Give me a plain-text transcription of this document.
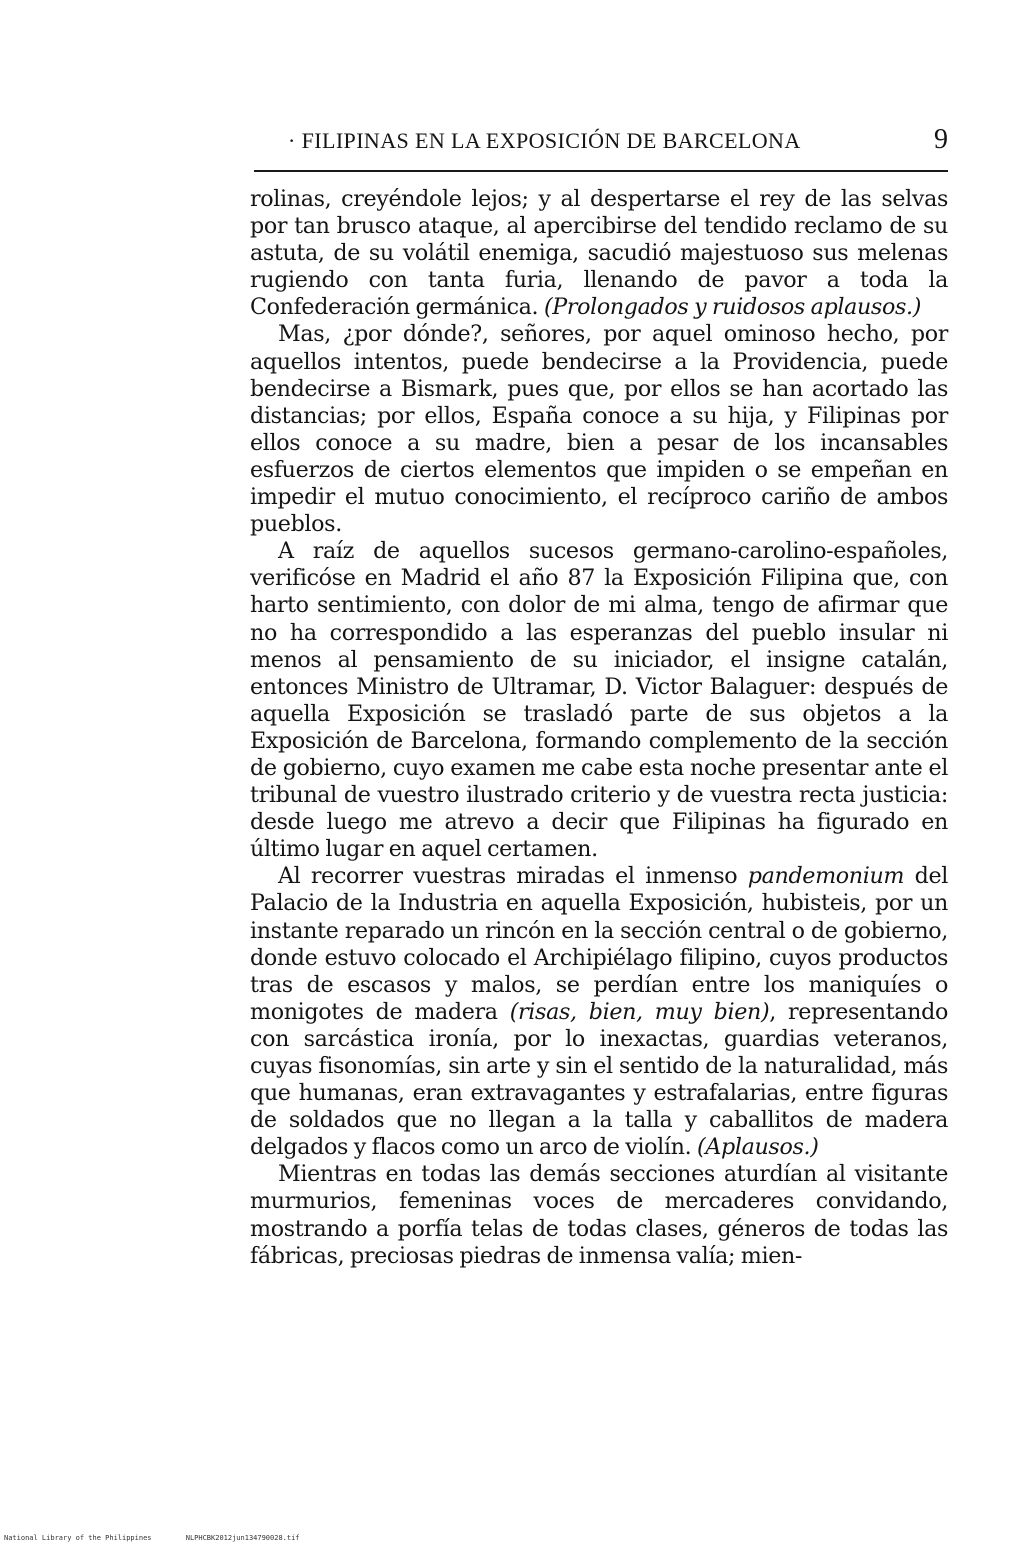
· FILIPINAS EN LA EXPOSICIÓN DE BARCELONA	9

rolinas, creyéndole lejos; y al despertarse el rey de las selvas por tan brusco ataque, al apercibirse del tendido reclamo de su astuta, de su volátil enemiga, sacudió majestuoso sus melenas rugiendo con tanta furia, llenando de pavor a toda la Confederación germánica. (Prolongados y ruidosos aplausos.)

Mas, ¿por dónde?, señores, por aquel ominoso hecho, por aquellos intentos, puede bendecirse a la Providencia, puede bendecirse a Bismark, pues que, por ellos se han acortado las distancias; por ellos, España conoce a su hija, y Filipinas por ellos conoce a su madre, bien a pesar de los incansables esfuerzos de ciertos elementos que impiden o se empeñan en impedir el mutuo conocimiento, el recíproco cariño de ambos pueblos.

A raíz de aquellos sucesos germano-carolino-españoles, verificóse en Madrid el año 87 la Exposición Filipina que, con harto sentimiento, con dolor de mi alma, tengo de afirmar que no ha correspondido a las esperanzas del pueblo insular ni menos al pensamiento de su iniciador, el insigne catalán, entonces Ministro de Ultramar, D. Victor Balaguer: después de aquella Exposición se trasladó parte de sus objetos a la Exposición de Barcelona, formando complemento de la sección de gobierno, cuyo examen me cabe esta noche presentar ante el tribunal de vuestro ilustrado criterio y de vuestra recta justicia: desde luego me atrevo a decir que Filipinas ha figurado en último lugar en aquel certamen.

Al recorrer vuestras miradas el inmenso pandemonium del Palacio de la Industria en aquella Exposición, hubisteis, por un instante reparado un rincón en la sección central o de gobierno, donde estuvo colocado el Archipiélago filipino, cuyos productos tras de escasos y malos, se perdían entre los maniquíes o monigotes de madera (risas, bien, muy bien), representando con sarcástica ironía, por lo inexactas, guardias veteranos, cuyas fisonomías, sin arte y sin el sentido de la naturalidad, más que humanas, eran extravagantes y estrafalarias, entre figuras de soldados que no llegan a la talla y caballitos de madera delgados y flacos como un arco de violín. (Aplausos.)

Mientras en todas las demás secciones aturdían al visitante murmurios, femeninas voces de mercaderes convidando, mostrando a porfía telas de todas clases, géneros de todas las fábricas, preciosas piedras de inmensa valía; mien-

National Library of the Philippines	NLPHCBK2012jun134790028.tif
